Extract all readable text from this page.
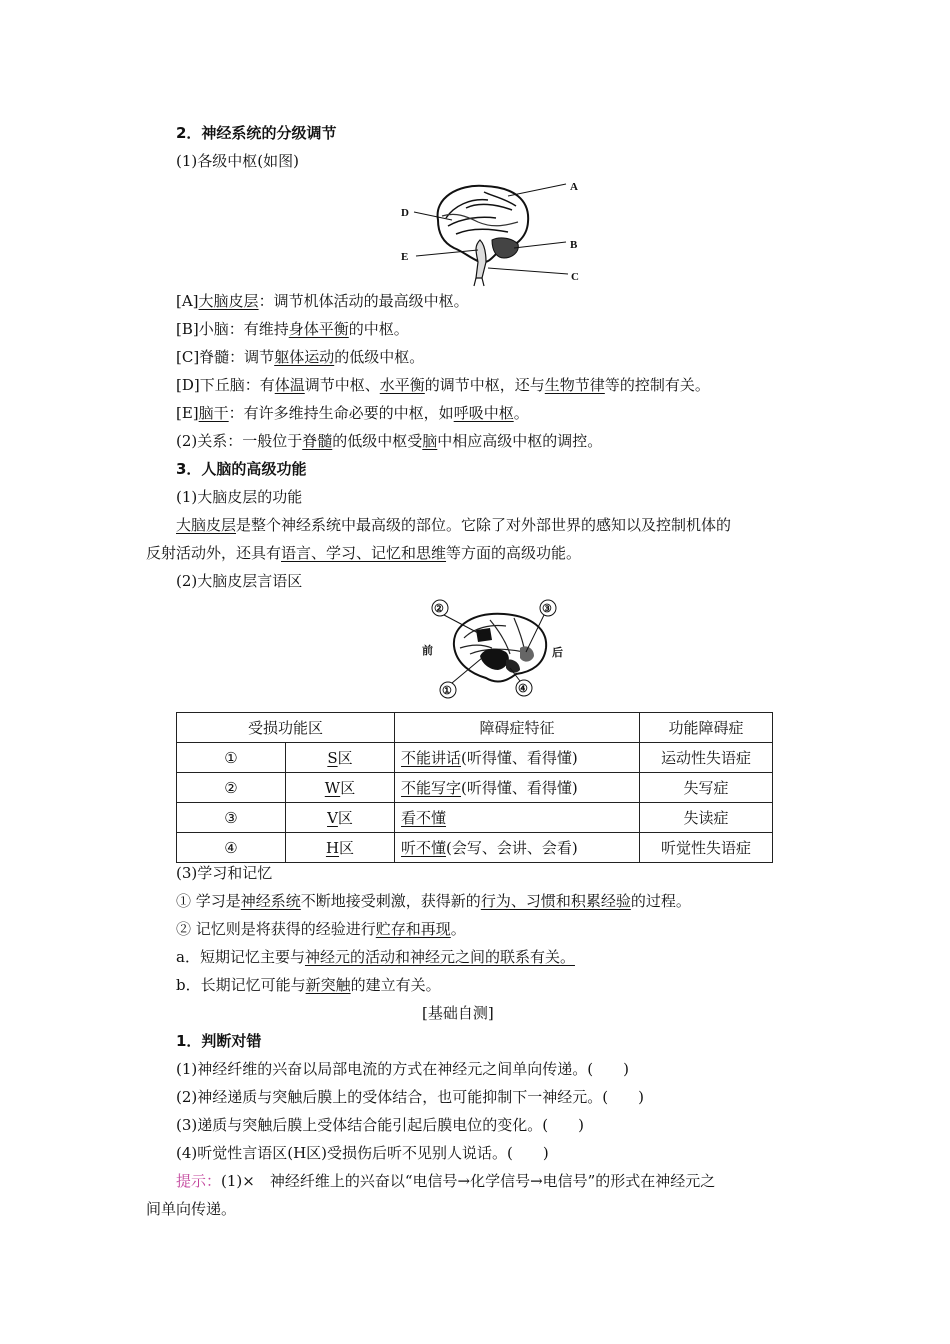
2．神经系统的分级调节
(1)各级中枢(如图)
A
B
C
D
E
[A]大脑皮层：调节机体活动的最高级中枢。
[B]小脑：有维持身体平衡的中枢。
[C]脊髓：调节躯体运动的低级中枢。
[D]下丘脑：有体温调节中枢、水平衡的调节中枢，还与生物节律等的控制有关。
[E]脑干：有许多维持生命必要的中枢，如呼吸中枢。
(2)关系：一般位于脊髓的低级中枢受脑中相应高级中枢的调控。
3．人脑的高级功能
(1)大脑皮层的功能
大脑皮层是整个神经系统中最高级的部位。它除了对外部世界的感知以及控制机体的
反射活动外，还具有语言、学习、记忆和思维等方面的高级功能。
(2)大脑皮层言语区
②	③
①	④
前	后
受损功能区		障碍症特征	功能障碍症
①	S区	不能讲话(听得懂、看得懂)	运动性失语症
②	W区	不能写字(听得懂、看得懂)	失写症
③	V区	看不懂	失读症
④	H区	听不懂(会写、会讲、会看)	听觉性失语症
(3)学习和记忆
① 学习是神经系统不断地接受刺激，获得新的行为、习惯和积累经验的过程。
② 记忆则是将获得的经验进行贮存和再现。
a．短期记忆主要与神经元的活动和神经元之间的联系有关。
b．长期记忆可能与新突触的建立有关。
[基础自测]
1．判断对错
(1)神经纤维的兴奋以局部电流的方式在神经元之间单向传递。(　　)
(2)神经递质与突触后膜上的受体结合，也可能抑制下一神经元。(　　)
(3)递质与突触后膜上受体结合能引起后膜电位的变化。(　　)
(4)听觉性言语区(H区)受损伤后听不见别人说话。(　　)
提示：(1)×　神经纤维上的兴奋以“电信号→化学信号→电信号”的形式在神经元之
间单向传递。
